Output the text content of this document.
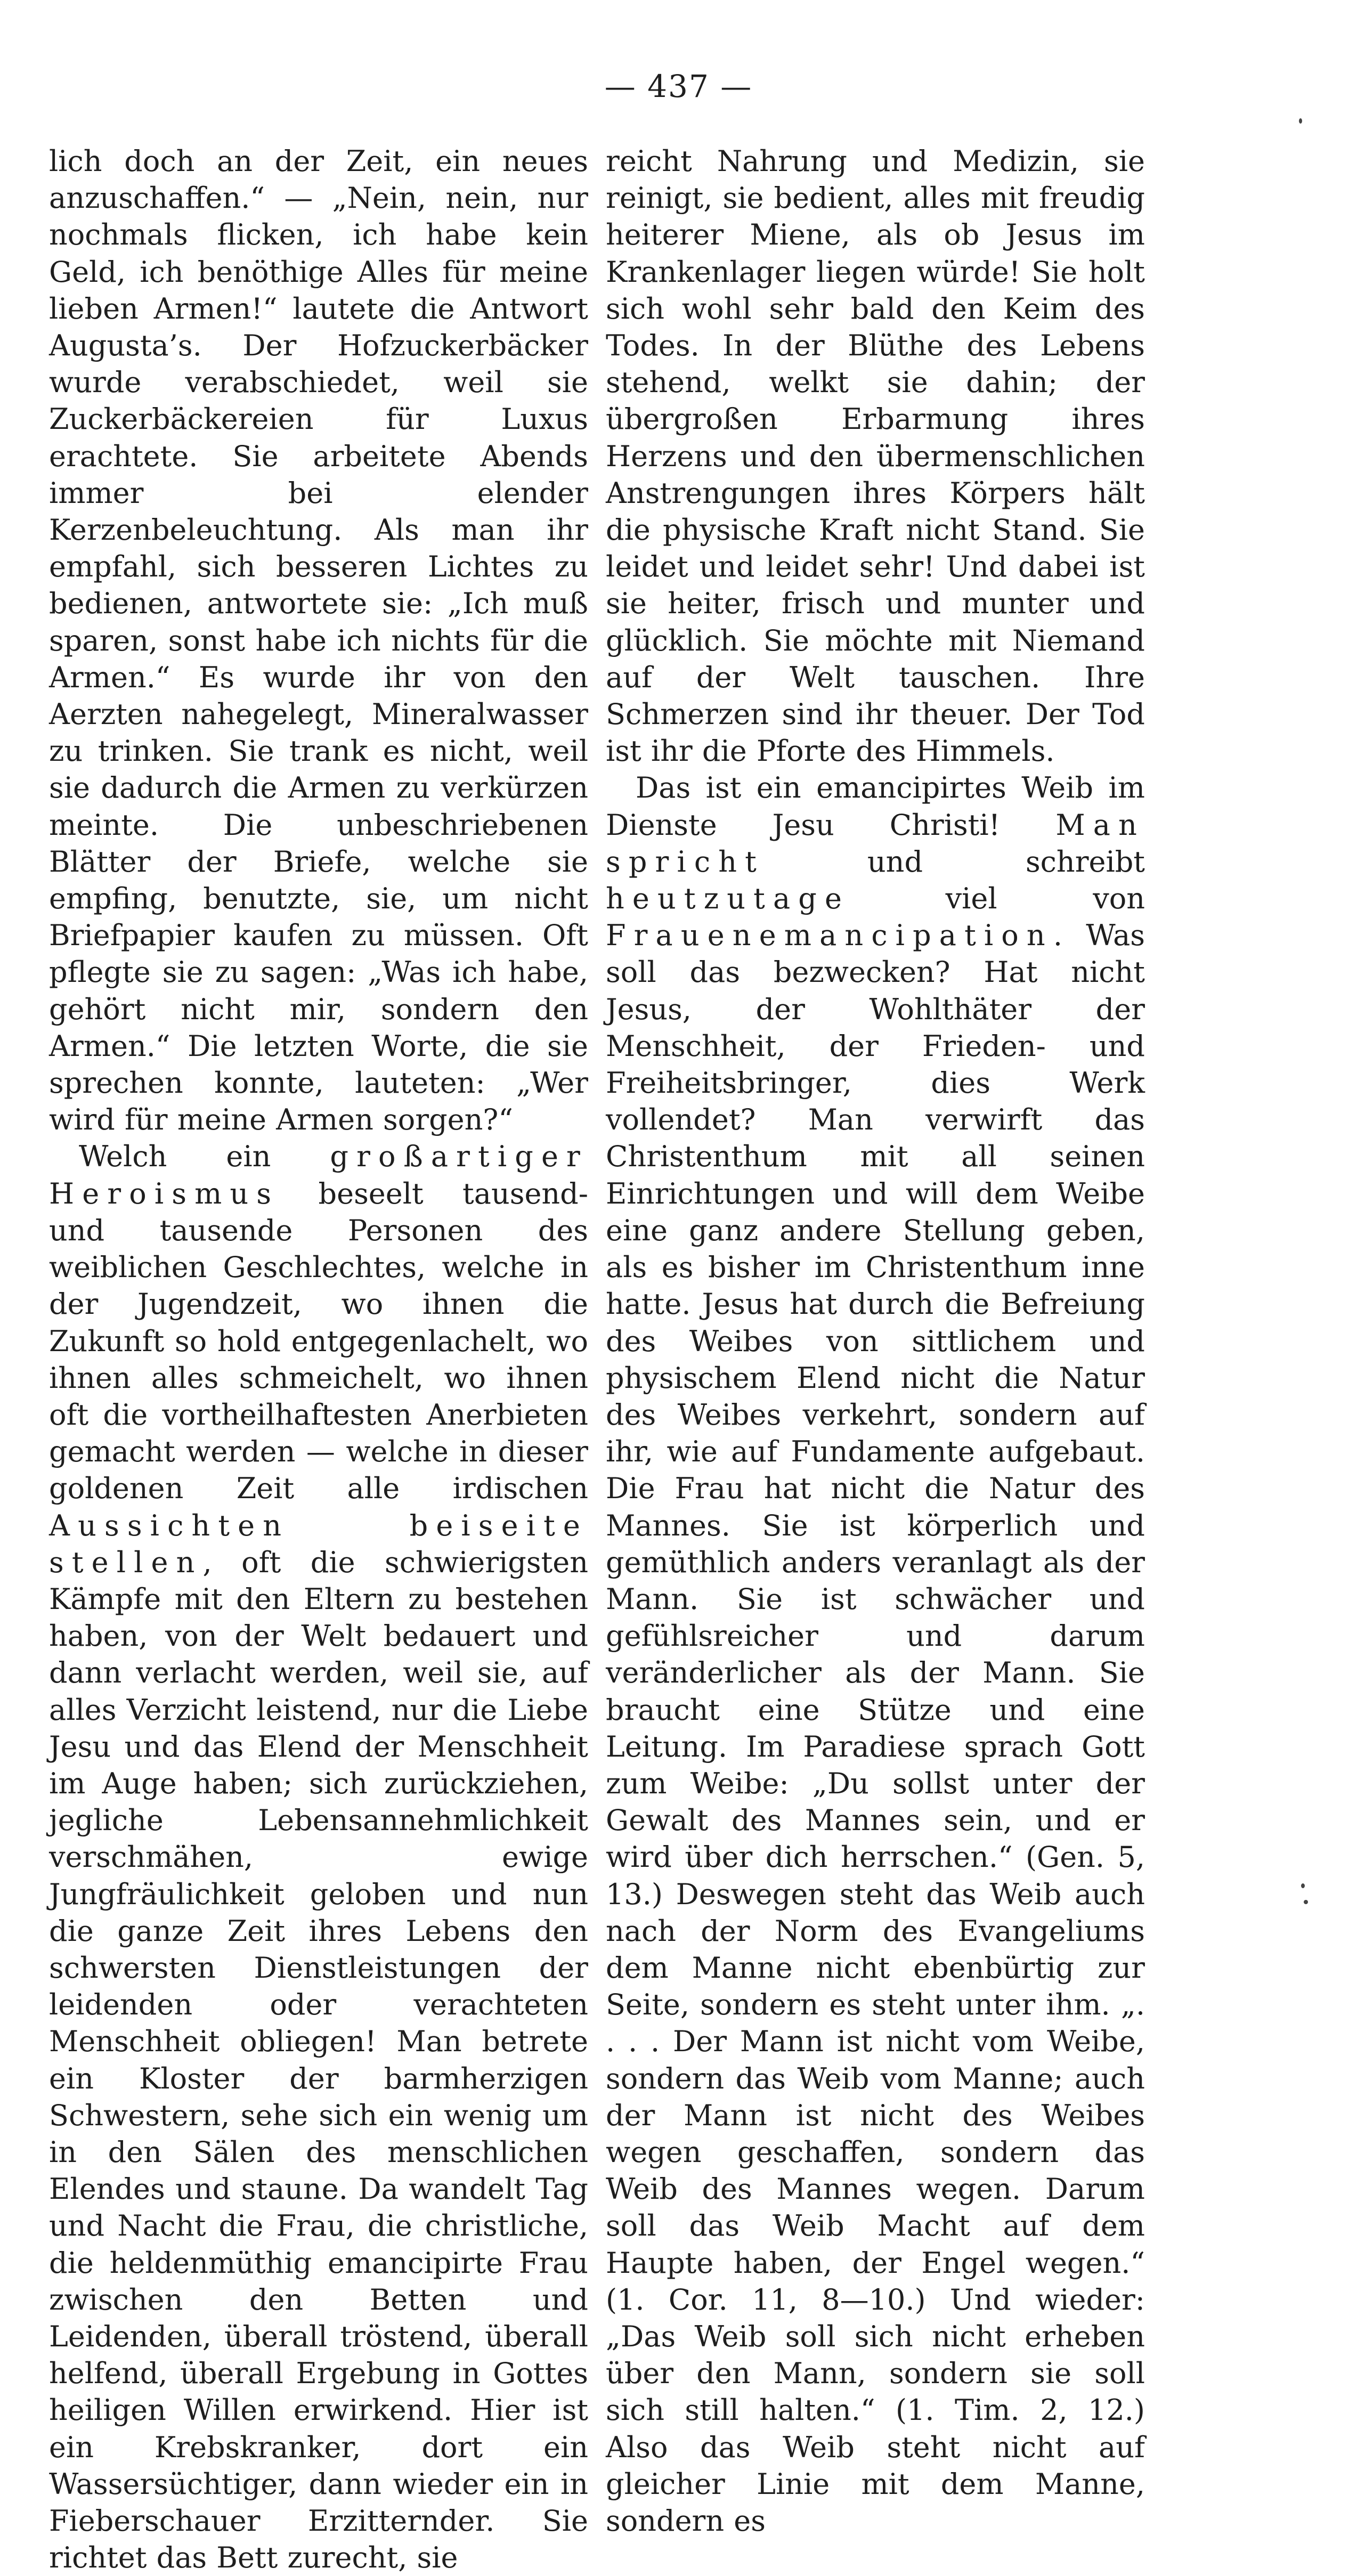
— 437 —

lich doch an der Zeit, ein neues anzuschaffen.“ — „Nein, nein, nur nochmals flicken, ich habe kein Geld, ich benöthige Alles für meine lieben Armen!“ lautete die Antwort Augusta’s. Der Hofzuckerbäcker wurde verabschiedet, weil sie Zuckerbäckereien für Luxus erachtete. Sie arbeitete Abends immer bei elender Kerzenbeleuchtung. Als man ihr empfahl, sich besseren Lichtes zu bedienen, antwortete sie: „Ich muß sparen, sonst habe ich nichts für die Armen.“ Es wurde ihr von den Aerzten nahegelegt, Mineralwasser zu trinken. Sie trank es nicht, weil sie dadurch die Armen zu verkürzen meinte. Die unbeschriebenen Blätter der Briefe, welche sie empfing, benutzte, sie, um nicht Briefpapier kaufen zu müssen. Oft pflegte sie zu sagen: „Was ich habe, gehört nicht mir, sondern den Armen.“ Die letzten Worte, die sie sprechen konnte, lauteten: „Wer wird für meine Armen sorgen?“

Welch ein großartiger Heroismus beseelt tausend- und tausende Personen des weiblichen Geschlechtes, welche in der Jugendzeit, wo ihnen die Zukunft so hold entgegenlachelt, wo ihnen alles schmeichelt, wo ihnen oft die vortheilhaftesten Anerbieten gemacht werden — welche in dieser goldenen Zeit alle irdischen Aussichten beiseite stellen, oft die schwierigsten Kämpfe mit den Eltern zu bestehen haben, von der Welt bedauert und dann verlacht werden, weil sie, auf alles Verzicht leistend, nur die Liebe Jesu und das Elend der Menschheit im Auge haben; sich zurückziehen, jegliche Lebensannehmlichkeit verschmähen, ewige Jungfräulichkeit geloben und nun die ganze Zeit ihres Lebens den schwersten Dienstleistungen der leidenden oder verachteten Menschheit obliegen! Man betrete ein Kloster der barmherzigen Schwestern, sehe sich ein wenig um in den Sälen des menschlichen Elendes und staune. Da wandelt Tag und Nacht die Frau, die christliche, die heldenmüthig emancipirte Frau zwischen den Betten und Leidenden, überall tröstend, überall helfend, überall Ergebung in Gottes heiligen Willen erwirkend. Hier ist ein Krebskranker, dort ein Wassersüchtiger, dann wieder ein in Fieberschauer Erzitternder. Sie richtet das Bett zurecht, sie

reicht Nahrung und Medizin, sie reinigt, sie bedient, alles mit freudig heiterer Miene, als ob Jesus im Krankenlager liegen würde! Sie holt sich wohl sehr bald den Keim des Todes. In der Blüthe des Lebens stehend, welkt sie dahin; der übergroßen Erbarmung ihres Herzens und den übermenschlichen Anstrengungen ihres Körpers hält die physische Kraft nicht Stand. Sie leidet und leidet sehr! Und dabei ist sie heiter, frisch und munter und glücklich. Sie möchte mit Niemand auf der Welt tauschen. Ihre Schmerzen sind ihr theuer. Der Tod ist ihr die Pforte des Himmels.

Das ist ein emancipirtes Weib im Dienste Jesu Christi! Man spricht und schreibt heutzutage viel von Frauenemancipation. Was soll das bezwecken? Hat nicht Jesus, der Wohlthäter der Menschheit, der Frieden- und Freiheitsbringer, dies Werk vollendet? Man verwirft das Christenthum mit all seinen Einrichtungen und will dem Weibe eine ganz andere Stellung geben, als es bisher im Christenthum inne hatte. Jesus hat durch die Befreiung des Weibes von sittlichem und physischem Elend nicht die Natur des Weibes verkehrt, sondern auf ihr, wie auf Fundamente aufgebaut. Die Frau hat nicht die Natur des Mannes. Sie ist körperlich und gemüthlich anders veranlagt als der Mann. Sie ist schwächer und gefühlsreicher und darum veränderlicher als der Mann. Sie braucht eine Stütze und eine Leitung. Im Paradiese sprach Gott zum Weibe: „Du sollst unter der Gewalt des Mannes sein, und er wird über dich herrschen.“ (Gen. 5, 13.) Deswegen steht das Weib auch nach der Norm des Evangeliums dem Manne nicht ebenbürtig zur Seite, sondern es steht unter ihm. „. . . . Der Mann ist nicht vom Weibe, sondern das Weib vom Manne; auch der Mann ist nicht des Weibes wegen geschaffen, sondern das Weib des Mannes wegen. Darum soll das Weib Macht auf dem Haupte haben, der Engel wegen.“ (1. Cor. 11, 8—10.) Und wieder: „Das Weib soll sich nicht erheben über den Mann, sondern sie soll sich still halten.“ (1. Tim. 2, 12.) Also das Weib steht nicht auf gleicher Linie mit dem Manne, sondern es
